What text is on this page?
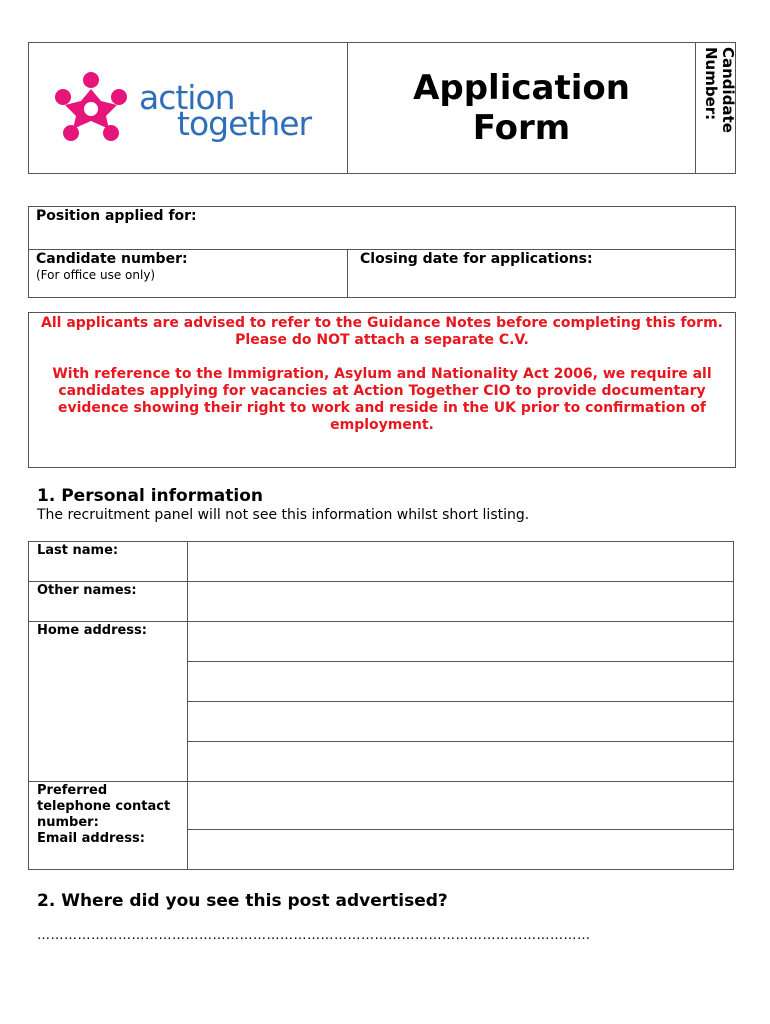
action
together
Application
Form	Candidate
Number:
Position applied for:
Candidate number:
(For office use only)
Closing date for applications:

All applicants are advised to refer to the Guidance Notes before completing this form.

Please do NOT attach a separate C.V.

With reference to the Immigration, Asylum and Nationality Act 2006, we require all candidates applying for vacancies at Action Together CIO to provide documentary evidence showing their right to work and reside in the UK prior to confirmation of employment.

1. Personal information
The recruitment panel will not see this information whilst short listing.
Last name:
Other names:
Home address:
Preferred telephone contact number:
Email address:
2. Where did you see this post advertised?
……………………………………………………………………………………………………………
